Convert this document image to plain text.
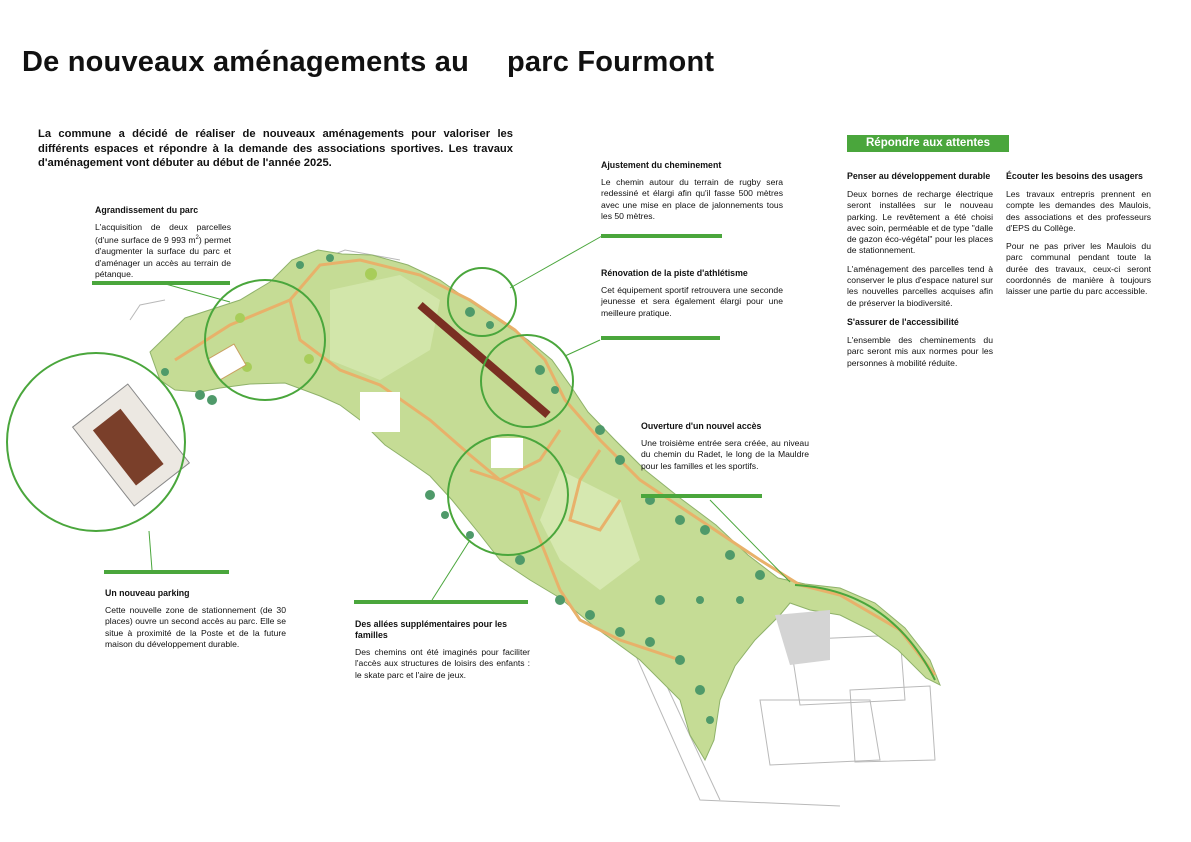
De nouveaux aménagements au parc Fourmont

La commune a décidé de réaliser de nouveaux aménagements pour valoriser les différents espaces et répondre à la demande des associations sportives. Les travaux d'aménagement vont débuter au début de l'année 2025.

Agrandissement du parc

L'acquisition de deux parcelles (d'une surface de 9 993 $m^2$) permet d'augmenter la surface du parc et d'aménager un accès au terrain de pétanque.

Ajustement du cheminement

Le chemin autour du terrain de rugby sera redessiné et élargi afin qu'il fasse 500 mètres avec une mise en place de jalonnements tous les 50 mètres.

Rénovation de la piste d'athlétisme

Cet équipement sportif retrouvera une seconde jeunesse et sera également élargi pour une meilleure pratique.

Ouverture d'un nouvel accès

Une troisième entrée sera créée, au niveau du chemin du Radet, le long de la Mauldre pour les familles et les sportifs.

Un nouveau parking

Cette nouvelle zone de stationnement (de 30 places) ouvre un second accès au parc. Elle se situe à proximité de la Poste et de la future maison du développement durable.

Des allées supplémentaires pour les familles

Des chemins ont été imaginés pour faciliter l'accès aux structures de loisirs des enfants : le skate parc et l'aire de jeux.

Répondre aux attentes
Penser au développement durable

Deux bornes de recharge électrique seront installées sur le nouveau parking. Le revêtement a été choisi avec soin, perméable et de type "dalle de gazon éco-végétal" pour les places de stationnement.

L'aménagement des parcelles tend à conserver le plus d'espace naturel sur les nouvelles parcelles acquises afin de préserver la biodiversité.

S'assurer de l'accessibilité

L'ensemble des cheminements du parc seront mis aux normes pour les personnes à mobilité réduite.

Écouter les besoins des usagers

Les travaux entrepris prennent en compte les demandes des Maulois, des associations et des professeurs d'EPS du Collège.

Pour ne pas priver les Maulois du parc communal pendant toute la durée des travaux, ceux-ci seront coordonnés de manière à toujours laisser une partie du parc accessible.
